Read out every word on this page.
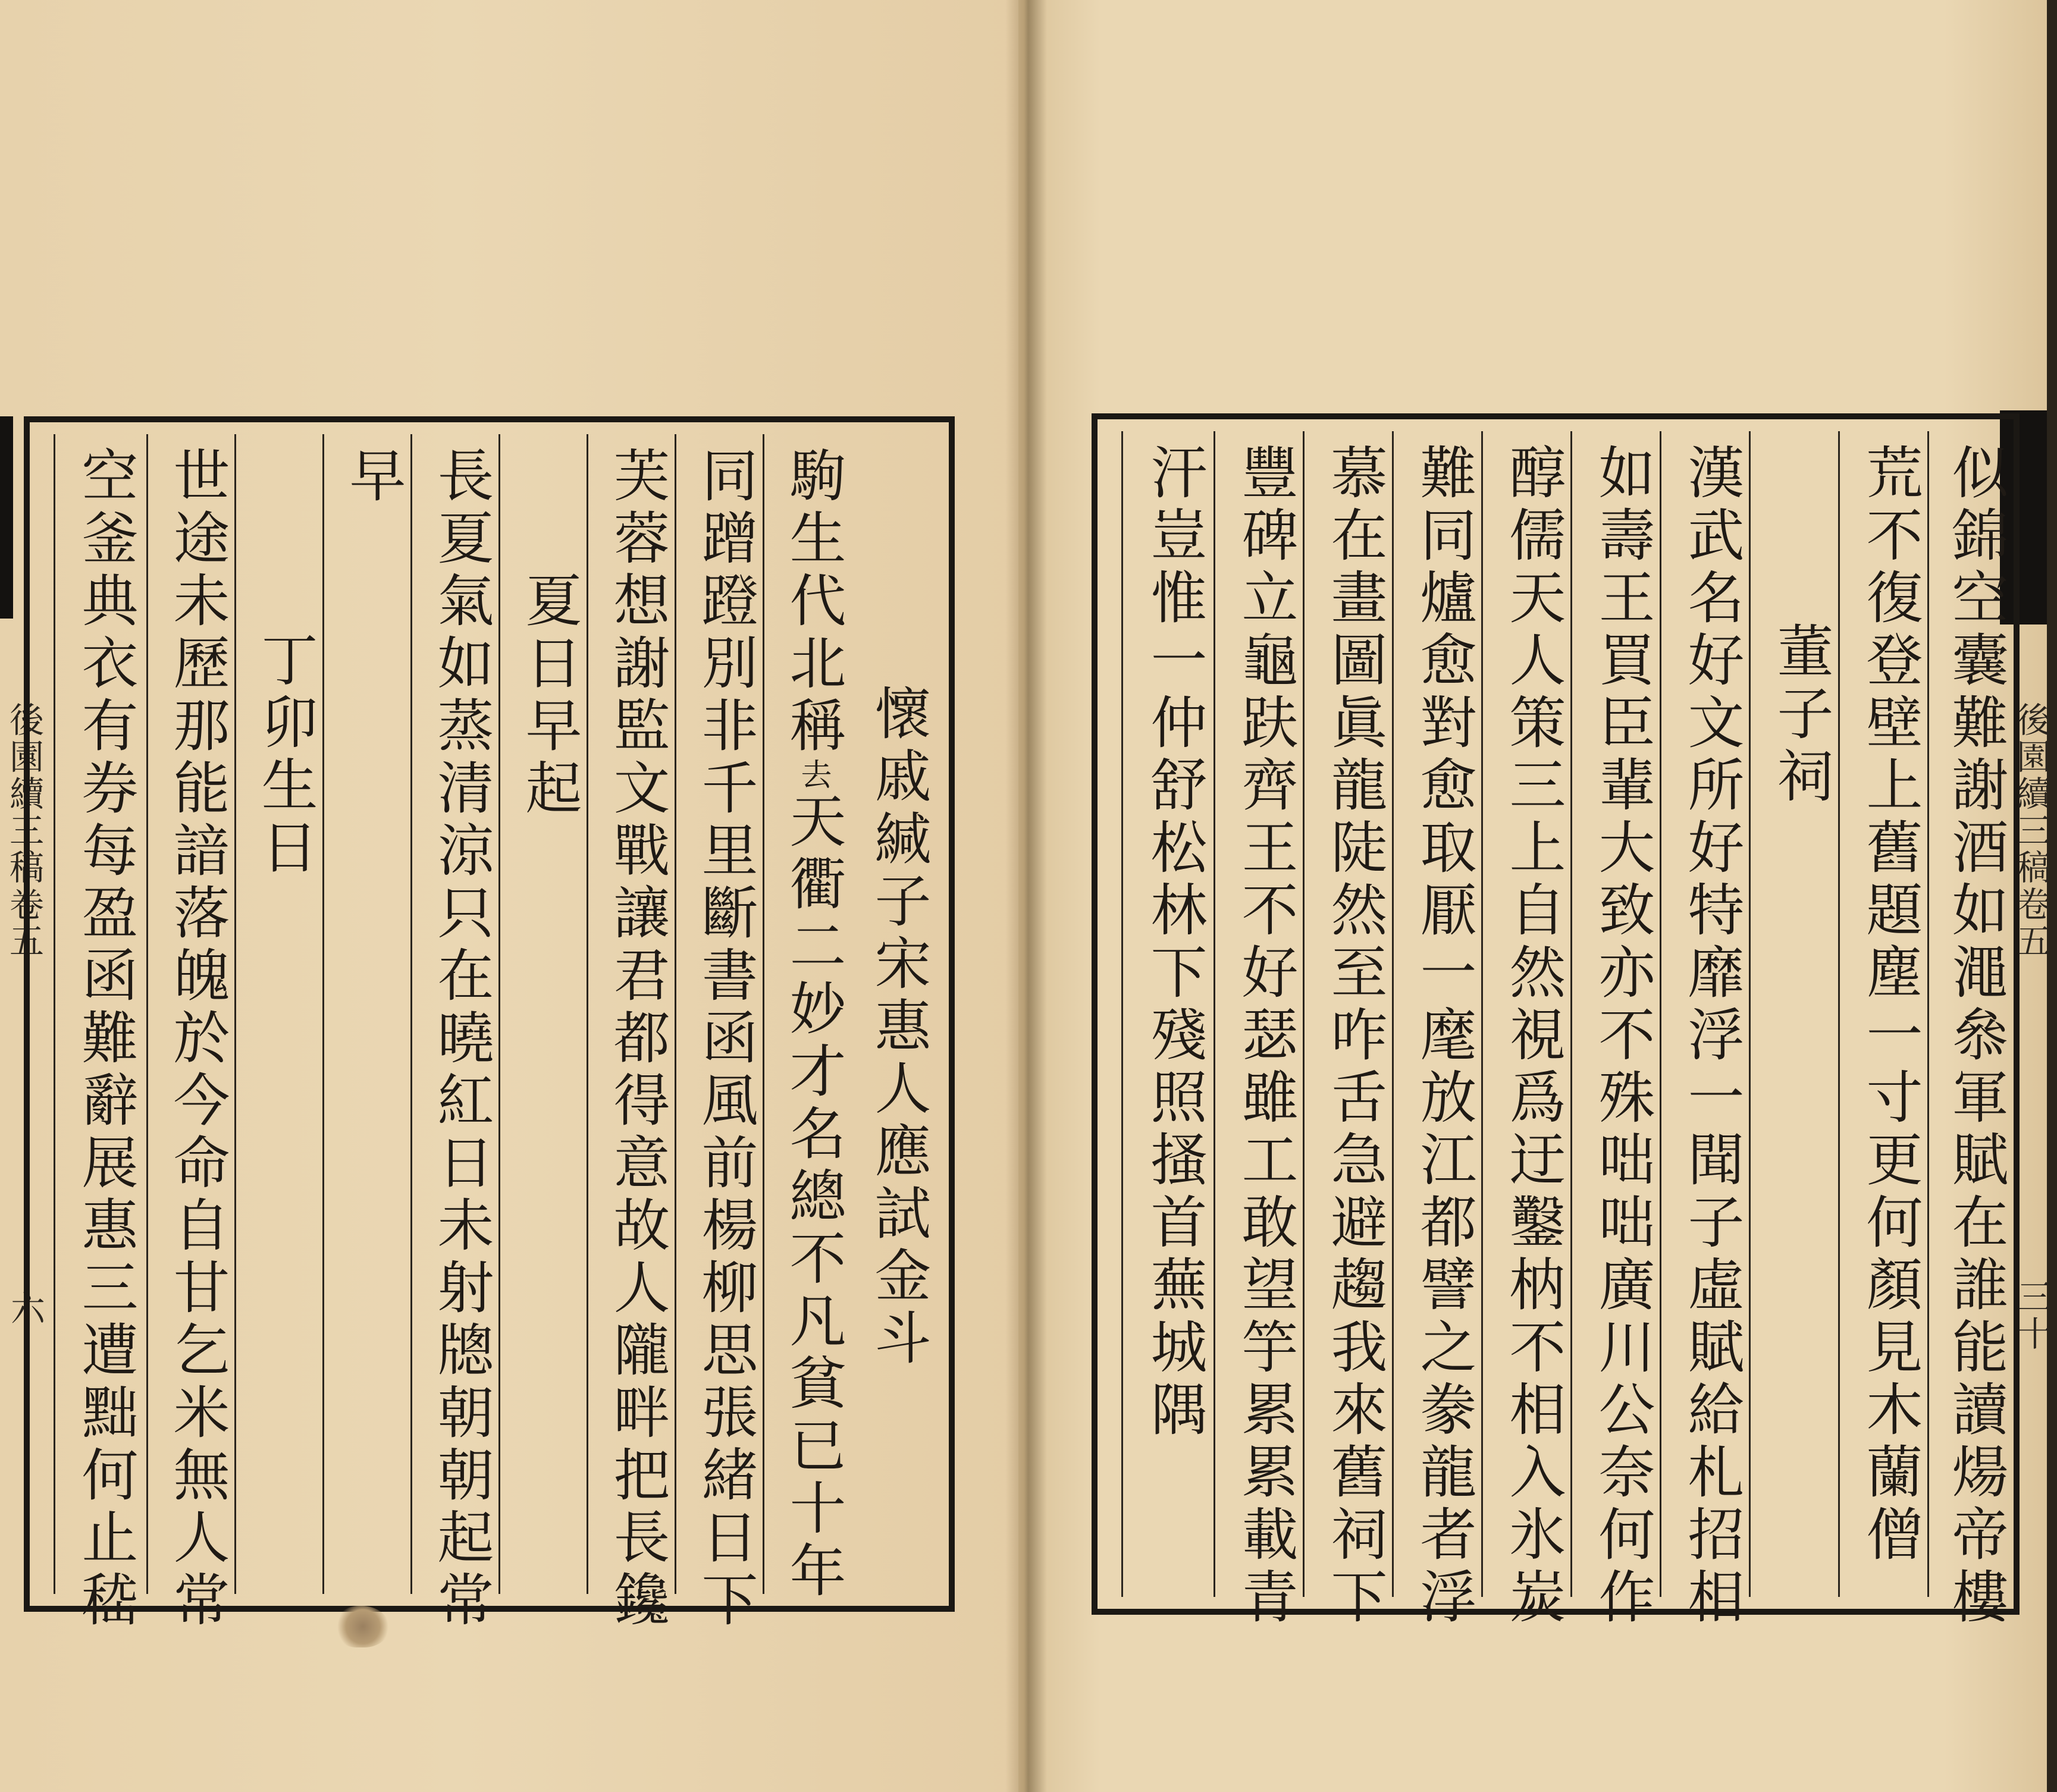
後園續三稿卷五
六	懷戚緘子宋惠人應試金斗
駒生代北稱去天衢二妙才名總不凡貧已十年
同蹭蹬別非千里斷書函風前楊柳思張緒日下
芙蓉想謝監文戰讓君都得意故人隴畔把長鑱
夏日早起
長夏氣如蒸清涼只在曉紅日未射牕朝朝起常
早
丁卯生日
世途未歷那能諳落魄於今命自甘乞米無人常
空釜典衣有券每盈函難辭展惠三遭黜何止嵇	後園續三稿卷五
三十
似錦空囊難謝酒如澠叅軍賦在誰能讀煬帝樓
荒不復登壁上舊題塵一寸更何顏見木蘭僧
董子祠
漢武名好文所好特靡浮一聞子虛賦給札招相
如壽王買臣輩大致亦不殊咄咄廣川公奈何作
醇儒天人策三上自然視爲迂鑿枘不相入氷炭
難同爐愈對愈取厭一麾放江都譬之豢龍者浮
慕在畫圖眞龍陡然至咋舌急避趨我來舊祠下
豐碑立龜趺齊王不好瑟雖工敢望竽累累載青
汗豈惟一仲舒松林下殘照搔首蕪城隅
